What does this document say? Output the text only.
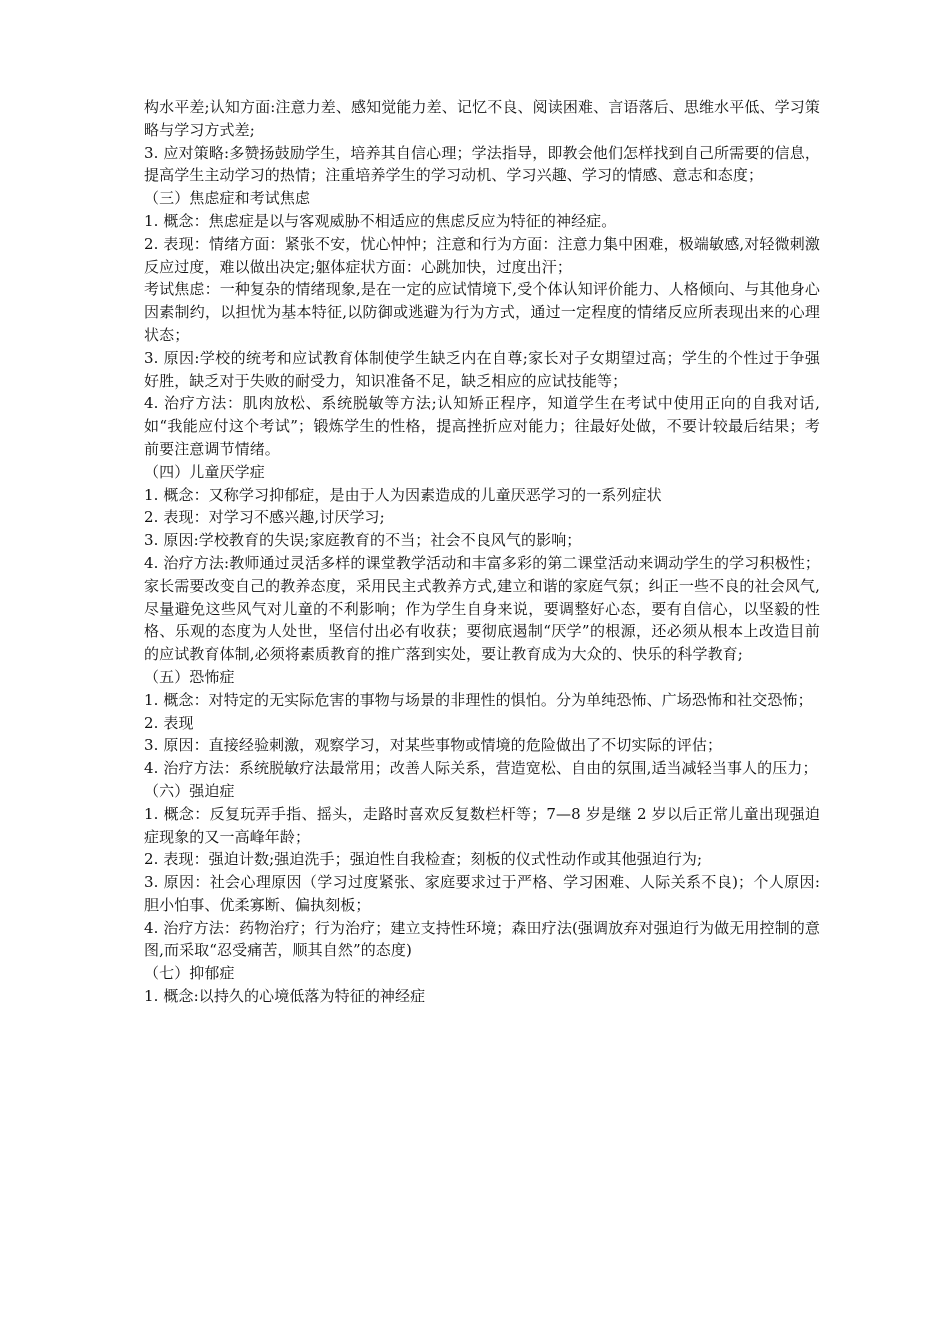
构水平差;认知方面:注意力差、感知觉能力差、记忆不良、阅读困难、言语落后、思维水平低、学习策略与学习方式差;

3. 应对策略:多赞扬鼓励学生，培养其自信心理；学法指导，即教会他们怎样找到自己所需要的信息，提高学生主动学习的热情；注重培养学生的学习动机、学习兴趣、学习的情感、意志和态度；

（三）焦虑症和考试焦虑

1. 概念：焦虑症是以与客观威胁不相适应的焦虑反应为特征的神经症。

2. 表现：情绪方面：紧张不安，忧心忡忡；注意和行为方面：注意力集中困难，极端敏感,对轻微刺激反应过度，难以做出决定;躯体症状方面：心跳加快，过度出汗；

考试焦虑：一种复杂的情绪现象,是在一定的应试情境下,受个体认知评价能力、人格倾向、与其他身心因素制约，以担忧为基本特征,以防御或逃避为行为方式，通过一定程度的情绪反应所表现出来的心理状态；

3. 原因:学校的统考和应试教育体制使学生缺乏内在自尊;家长对子女期望过高；学生的个性过于争强好胜，缺乏对于失败的耐受力，知识准备不足，缺乏相应的应试技能等；

4. 治疗方法：肌肉放松、系统脱敏等方法;认知矫正程序，知道学生在考试中使用正向的自我对话,如“我能应付这个考试”；锻炼学生的性格，提高挫折应对能力；往最好处做，不要计较最后结果；考前要注意调节情绪。

（四）儿童厌学症

1. 概念：又称学习抑郁症，是由于人为因素造成的儿童厌恶学习的一系列症状

2. 表现：对学习不感兴趣,讨厌学习;

3. 原因:学校教育的失误;家庭教育的不当；社会不良风气的影响；

4. 治疗方法:教师通过灵活多样的课堂教学活动和丰富多彩的第二课堂活动来调动学生的学习积极性；家长需要改变自己的教养态度，采用民主式教养方式,建立和谐的家庭气氛；纠正一些不良的社会风气,尽量避免这些风气对儿童的不利影响；作为学生自身来说，要调整好心态，要有自信心，以坚毅的性格、乐观的态度为人处世，坚信付出必有收获；要彻底遏制“厌学”的根源，还必须从根本上改造目前的应试教育体制,必须将素质教育的推广落到实处，要让教育成为大众的、快乐的科学教育;

（五）恐怖症

1. 概念：对特定的无实际危害的事物与场景的非理性的惧怕。分为单纯恐怖、广场恐怖和社交恐怖；

2. 表现

3. 原因：直接经验刺激，观察学习，对某些事物或情境的危险做出了不切实际的评估；

4. 治疗方法：系统脱敏疗法最常用；改善人际关系，营造宽松、自由的氛围,适当减轻当事人的压力；

（六）强迫症

1. 概念：反复玩弄手指、摇头，走路时喜欢反复数栏杆等；7—8 岁是继 2 岁以后正常儿童出现强迫症现象的又一高峰年龄；

2. 表现：强迫计数;强迫洗手；强迫性自我检查；刻板的仪式性动作或其他强迫行为;

3. 原因：社会心理原因（学习过度紧张、家庭要求过于严格、学习困难、人际关系不良)；个人原因:胆小怕事、优柔寡断、偏执刻板；

4. 治疗方法：药物治疗；行为治疗；建立支持性环境；森田疗法(强调放弃对强迫行为做无用控制的意图,而采取“忍受痛苦，顺其自然”的态度)

（七）抑郁症

1. 概念:以持久的心境低落为特征的神经症
